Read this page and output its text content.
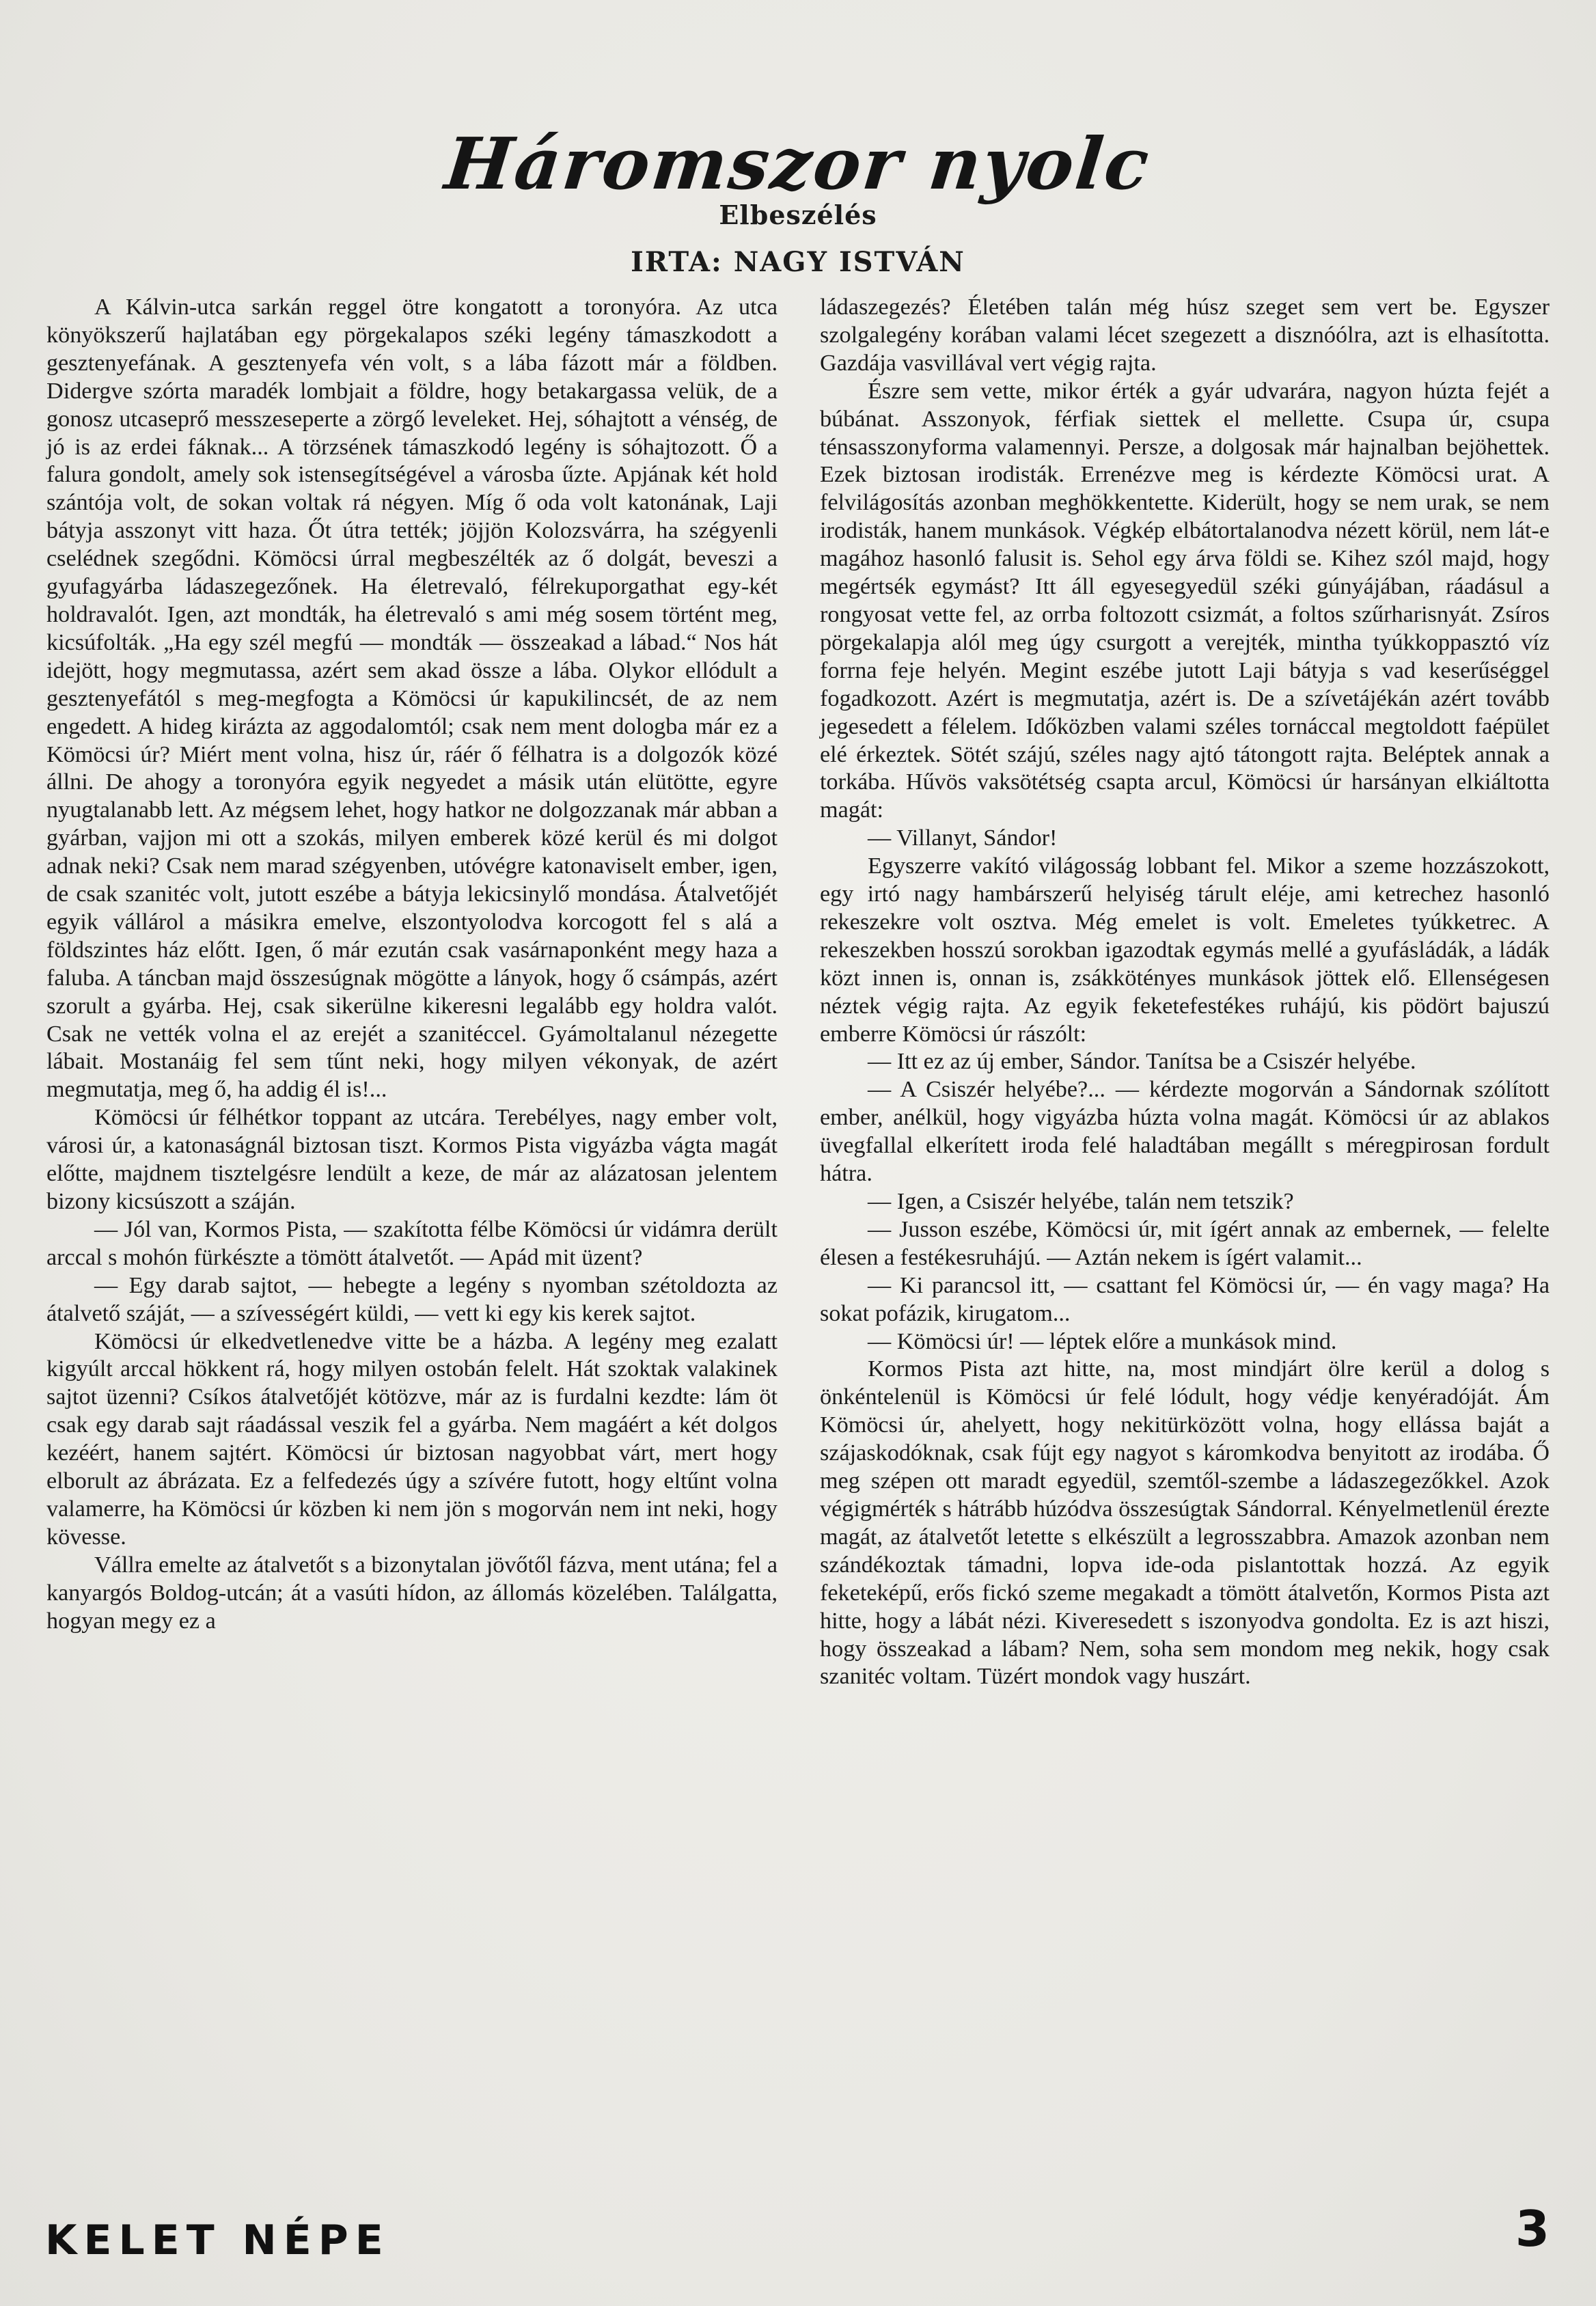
Háromszor nyolc
Elbeszélés
IRTA: NAGY ISTVÁN

A Kálvin-utca sarkán reggel ötre kongatott a toronyóra. Az utca könyökszerű hajlatában egy pörgekalapos széki legény támaszkodott a gesztenyefának. A gesztenyefa vén volt, s a lába fázott már a földben. Didergve szórta maradék lombjait a földre, hogy betakargassa velük, de a gonosz utcaseprő messzeseperte a zörgő leveleket. Hej, sóhajtott a vénség, de jó is az erdei fáknak... A törzsének támaszkodó legény is sóhajtozott. Ő a falura gondolt, amely sok istensegítségével a városba űzte. Apjának két hold szántója volt, de sokan voltak rá négyen. Míg ő oda volt katonának, Laji bátyja asszonyt vitt haza. Őt útra tették; jöjjön Kolozsvárra, ha szégyenli cselédnek szegődni. Kömöcsi úrral megbeszélték az ő dolgát, beveszi a gyufagyárba ládaszegezőnek. Ha életrevaló, félrekuporgathat egy-két holdravalót. Igen, azt mondták, ha életrevaló s ami még sosem történt meg, kicsúfolták. „Ha egy szél megfú — mondták — összeakad a lábad.“ Nos hát idejött, hogy megmutassa, azért sem akad össze a lába. Olykor ellódult a gesztenyefától s meg-megfogta a Kömöcsi úr kapukilincsét, de az nem engedett. A hideg kirázta az aggodalomtól; csak nem ment dologba már ez a Kömöcsi úr? Miért ment volna, hisz úr, ráér ő félhatra is a dolgozók közé állni. De ahogy a toronyóra egyik negyedet a másik után elütötte, egyre nyugtalanabb lett. Az mégsem lehet, hogy hatkor ne dolgozzanak már abban a gyárban, vajjon mi ott a szokás, milyen emberek közé kerül és mi dolgot adnak neki? Csak nem marad szégyenben, utóvégre katonaviselt ember, igen, de csak szanitéc volt, jutott eszébe a bátyja lekicsinylő mondása. Átalvetőjét egyik vállárol a másikra emelve, elszontyolodva korcogott fel s alá a földszintes ház előtt. Igen, ő már ezután csak vasárnaponként megy haza a faluba. A táncban majd összesúgnak mögötte a lányok, hogy ő csámpás, azért szorult a gyárba. Hej, csak sikerülne kikeresni legalább egy holdra valót. Csak ne vették volna el az erejét a szanitéccel. Gyámoltalanul nézegette lábait. Mostanáig fel sem tűnt neki, hogy milyen vékonyak, de azért megmutatja, meg ő, ha addig él is!...

Kömöcsi úr félhétkor toppant az utcára. Terebélyes, nagy ember volt, városi úr, a katonaságnál biztosan tiszt. Kormos Pista vigyázba vágta magát előtte, majdnem tisztelgésre lendült a keze, de már az alázatosan jelentem bizony kicsúszott a száján.

— Jól van, Kormos Pista, — szakította félbe Kömöcsi úr vidámra derült arccal s mohón fürkészte a tömött átalvetőt. — Apád mit üzent?

— Egy darab sajtot, — hebegte a legény s nyomban szétoldozta az átalvető száját, — a szívességért küldi, — vett ki egy kis kerek sajtot.

Kömöcsi úr elkedvetlenedve vitte be a házba. A legény meg ezalatt kigyúlt arccal hökkent rá, hogy milyen ostobán felelt. Hát szoktak valakinek sajtot üzenni? Csíkos átalvetőjét kötözve, már az is furdalni kezdte: lám öt csak egy darab sajt ráadással veszik fel a gyárba. Nem magáért a két dolgos kezéért, hanem sajtért. Kömöcsi úr biztosan nagyobbat várt, mert hogy elborult az ábrázata. Ez a felfedezés úgy a szívére futott, hogy eltűnt volna valamerre, ha Kömöcsi úr közben ki nem jön s mogorván nem int neki, hogy kövesse.

Vállra emelte az átalvetőt s a bizonytalan jövőtől fázva, ment utána; fel a kanyargós Boldog-utcán; át a vasúti hídon, az állomás közelében. Találgatta, hogyan megy ez a

ládaszegezés? Életében talán még húsz szeget sem vert be. Egyszer szolgalegény korában valami lécet szegezett a disznóólra, azt is elhasította. Gazdája vasvillával vert végig rajta.

Észre sem vette, mikor érték a gyár udvarára, nagyon húzta fejét a búbánat. Asszonyok, férfiak siettek el mellette. Csupa úr, csupa ténsasszonyforma valamennyi. Persze, a dolgosak már hajnalban bejöhettek. Ezek biztosan irodisták. Errenézve meg is kérdezte Kömöcsi urat. A felvilágosítás azonban meghökkentette. Kiderült, hogy se nem urak, se nem irodisták, hanem munkások. Végkép elbátortalanodva nézett körül, nem lát-e magához hasonló falusit is. Sehol egy árva földi se. Kihez szól majd, hogy megértsék egymást? Itt áll egyesegyedül széki gúnyájában, ráadásul a rongyosat vette fel, az orrba foltozott csizmát, a foltos szűrharisnyát. Zsíros pörgekalapja alól meg úgy csurgott a verejték, mintha tyúkkoppasztó víz forrna feje helyén. Megint eszébe jutott Laji bátyja s vad keserűséggel fogadkozott. Azért is megmutatja, azért is. De a szívetájékán azért tovább jegesedett a félelem. Időközben valami széles tornáccal megtoldott faépület elé érkeztek. Sötét szájú, széles nagy ajtó tátongott rajta. Beléptek annak a torkába. Hűvös vaksötétség csapta arcul, Kömöcsi úr harsányan elkiáltotta magát:

— Villanyt, Sándor!

Egyszerre vakító világosság lobbant fel. Mikor a szeme hozzászokott, egy irtó nagy hambárszerű helyiség tárult eléje, ami ketrechez hasonló rekeszekre volt osztva. Még emelet is volt. Emeletes tyúkketrec. A rekeszekben hosszú sorokban igazodtak egymás mellé a gyufásládák, a ládák közt innen is, onnan is, zsákkötényes munkások jöttek elő. Ellenségesen néztek végig rajta. Az egyik feketefestékes ruhájú, kis pödört bajuszú emberre Kömöcsi úr rászólt:

— Itt ez az új ember, Sándor. Tanítsa be a Csiszér helyébe.

— A Csiszér helyébe?... — kérdezte mogorván a Sándornak szólított ember, anélkül, hogy vigyázba húzta volna magát. Kömöcsi úr az ablakos üvegfallal elkerített iroda felé haladtában megállt s méregpirosan fordult hátra.

— Igen, a Csiszér helyébe, talán nem tetszik?

— Jusson eszébe, Kömöcsi úr, mit ígért annak az embernek, — felelte élesen a festékesruhájú. — Aztán nekem is ígért valamit...

— Ki parancsol itt, — csattant fel Kömöcsi úr, — én vagy maga? Ha sokat pofázik, kirugatom...

— Kömöcsi úr! — léptek előre a munkások mind.

Kormos Pista azt hitte, na, most mindjárt ölre kerül a dolog s önkéntelenül is Kömöcsi úr felé lódult, hogy védje kenyéradóját. Ám Kömöcsi úr, ahelyett, hogy nekitürközött volna, hogy ellássa baját a szájaskodóknak, csak fújt egy nagyot s káromkodva benyitott az irodába. Ő meg szépen ott maradt egyedül, szemtől-szembe a ládaszegezőkkel. Azok végigmérték s hátrább húzódva összesúgtak Sándorral. Kényelmetlenül érezte magát, az átalvetőt letette s elkészült a legrosszabbra. Amazok azonban nem szándékoztak támadni, lopva ide-oda pislantottak hozzá. Az egyik feketeképű, erős fickó szeme megakadt a tömött átalvetőn, Kormos Pista azt hitte, hogy a lábát nézi. Kiveresedett s iszonyodva gondolta. Ez is azt hiszi, hogy összeakad a lábam? Nem, soha sem mondom meg nekik, hogy csak szanitéc voltam. Tüzért mondok vagy huszárt.

KELET NÉPE	3
